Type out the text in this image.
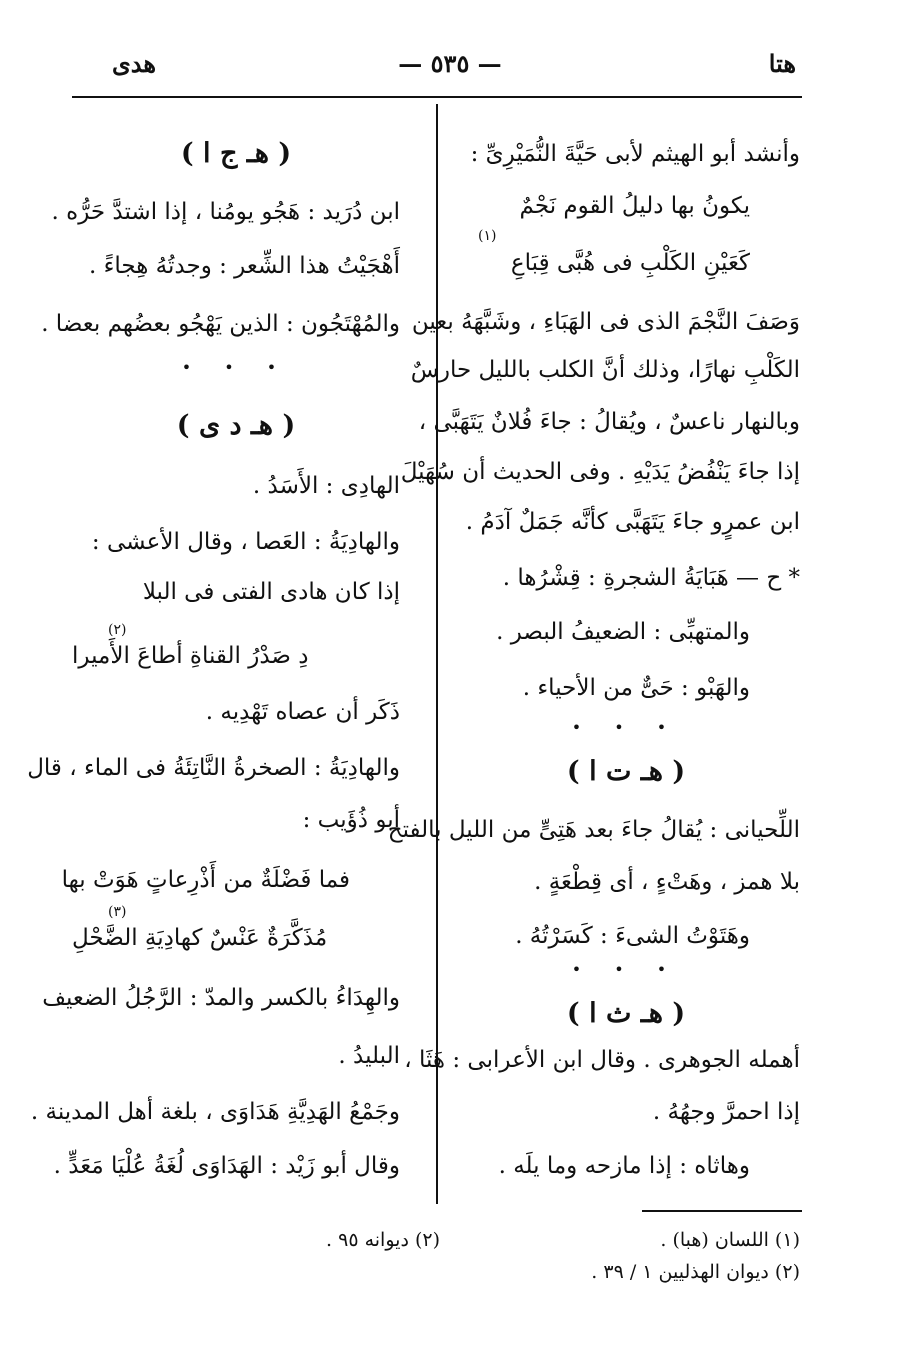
هتا
— ٥٣٥ —
هدى
وأنشد أبو الهيثم لأبى حَيَّةَ النُّمَيْرِىِّ :
يكونُ بها دليلُ القوم نَجْمٌ
كَعَيْنِ الكَلْبِ فى هُبَّى قِبَاعِ
وَصَفَ النَّجْمَ الذى فى الهَبَاءِ ، وشَبَّهَهُ بعين
الكَلْبِ نهارًا، وذلك أنَّ الكلب بالليل حارسٌ
وبالنهار ناعسٌ ، ويُقالُ : جاءَ فُلانٌ يَتَهَبَّى ،
إذا جاءَ يَنْفُضُ يَدَيْهِ . وفى الحديث أن سُهَيْلَ
ابن عمرٍو جاءَ يَتَهَبَّى كأنَّه جَمَلٌ آدَمُ .
* ح — هَبَايَةُ الشجرةِ : قِشْرُها .
والمتهبِّى : الضعيفُ البصر .
والهَبْو : حَىٌّ من الأحياء .
• • •
( هـ ت ا )
اللِّحيانى : يُقالُ جاءَ بعد هَتِىٍّ من الليل بالفتح
بلا همز ، وهَتْءٍ ، أى قِطْعَةٍ .
وهَتَوْتُ الشىءَ : كَسَرْتُهُ .
• • •
( هـ ث ا )
أهمله الجوهرى . وقال ابن الأعرابى : هَثَا ،
إذا احمرَّ وجهُهُ .
وهاثاه : إذا مازحه وما يلَه .
( هـ ج ا )
ابن دُرَيد : هَجُو يومُنا ، إذا اشتدَّ حَرُّه .
أَهْجَيْتُ هذا الشِّعر : وجدتُهُ هِجاءً .
والمُهْتَجُون : الذين يَهْجُو بعضُهم بعضا .
• • •
( هـ د ى )
الهادِى : الأَسَدُ .
والهادِيَةُ : العَصا ، وقال الأعشى :
إذا كان هادى الفتى فى البلا
دِ صَدْرُ القناةِ أطاعَ الأَميرا
ذَكَر أن عصاه تَهْدِيه .
والهادِيَةُ : الصخرةُ النَّاتِئَةُ فى الماء ، قال
أبو ذُؤَيب :
فما فَضْلَةٌ من أَذْرِعاتٍ هَوَتْ بها
مُذَكَّرَةٌ عَنْسٌ كهادِيَةِ الضَّحْلِ
والهِدَاءُ بالكسر والمدّ : الرَّجُلُ الضعيف
البليدُ .
وجَمْعُ الهَدِيَّةِ هَدَاوَى ، بلغة أهل المدينة .
وقال أبو زَيْد : الهَدَاوَى لُغَةُ عُلْيَا مَعَدٍّ .
(١)
(٢)
(٣)
(١) اللسان (هبا) .
(٢) ديوان الهذليين ١ / ٣٩ .
(٢) ديوانه ٩٥ .
